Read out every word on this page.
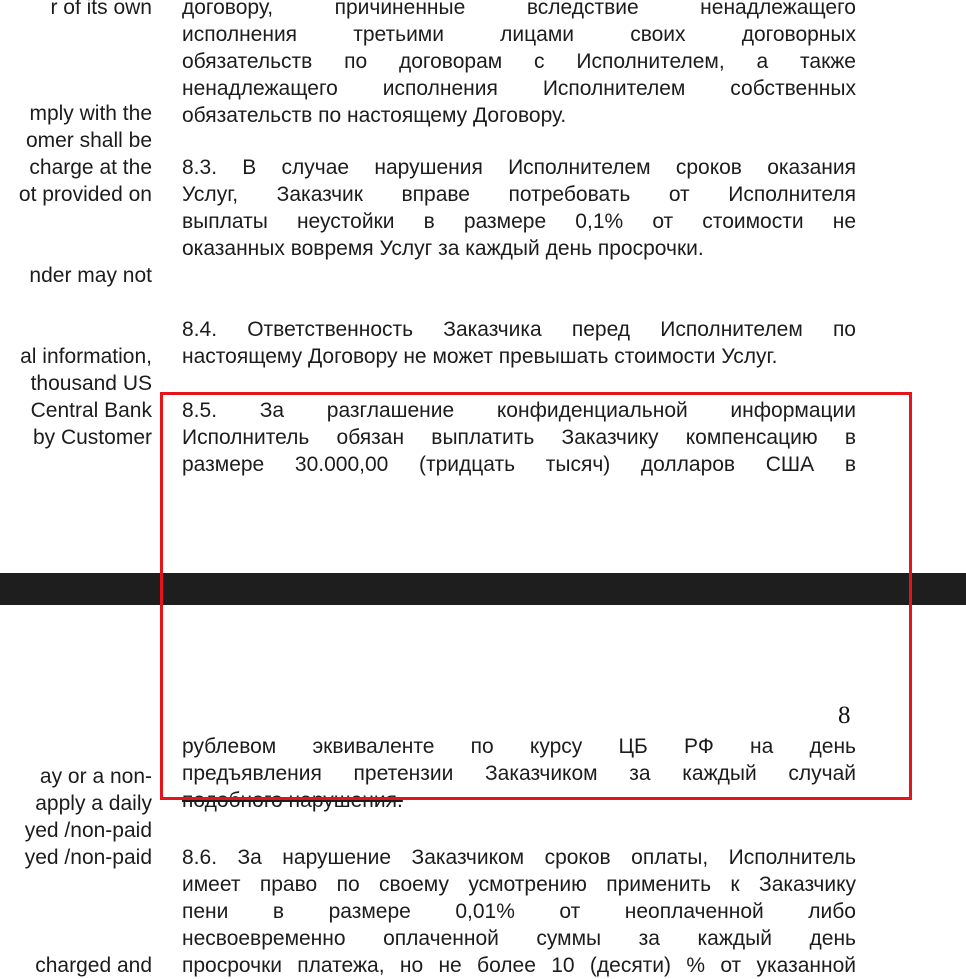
r of its own
mply with the
omer shall be
charge at the
ot provided on
nder may not
al information,
thousand US
Central Bank
by Customer
ay or a non-
apply a daily
yed /non-paid
yed /non-paid
charged and
договору, причиненные вследствие ненадлежащего
исполнения третьими лицами своих договорных
обязательств по договорам с Исполнителем, а также
ненадлежащего исполнения Исполнителем собственных
обязательств по настоящему Договору.
8.3. В случае нарушения Исполнителем сроков оказания
Услуг, Заказчик вправе потребовать от Исполнителя
выплаты неустойки в размере 0,1% от стоимости не
оказанных вовремя Услуг за каждый день просрочки.
8.4. Ответственность Заказчика перед Исполнителем по
настоящему Договору не может превышать стоимости Услуг.
8.5. За разглашение конфиденциальной информации
Исполнитель обязан выплатить Заказчику компенсацию в
размере 30.000,00 (тридцать тысяч) долларов США в
8
рублевом эквиваленте по курсу ЦБ РФ на день
предъявления претензии Заказчиком за каждый случай
подобного нарушения.
8.6. За нарушение Заказчиком сроков оплаты, Исполнитель
имеет право по своему усмотрению применить к Заказчику
пени в размере 0,01% от неоплаченной либо
несвоевременно оплаченной суммы за каждый день
просрочки платежа, но не более 10 (десяти) % от указанной
